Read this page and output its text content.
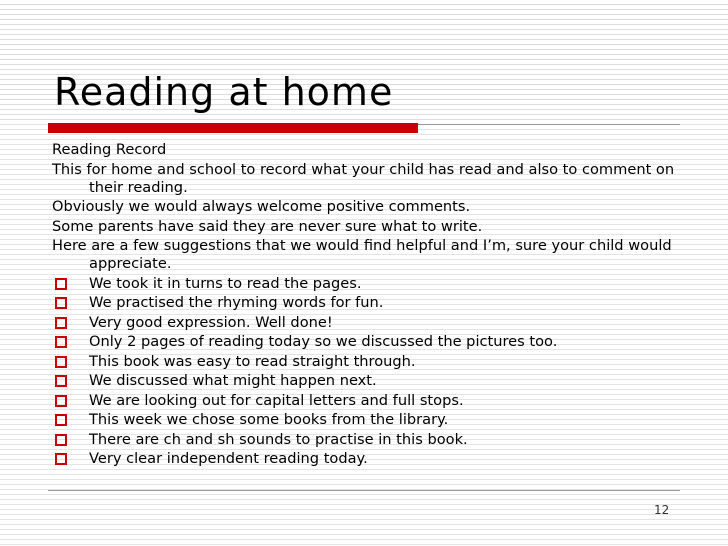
Reading at home

Reading Record

This for home and school to record what your child has read and also to comment on their reading.

Obviously we would always welcome positive comments.

Some parents have said they are never sure what to write.

Here are a few suggestions that we would find helpful and I’m, sure your child would appreciate.

We took it in turns to read the pages.
We practised the rhyming words for fun.
Very good expression. Well done!
Only 2 pages of reading today so we discussed the pictures too.
This book was easy to read straight through.
We discussed what might happen next.
We are looking out for capital letters and full stops.
This week we chose some books from the library.
There are ch and sh sounds to practise in this book.
Very clear independent reading today.
12
